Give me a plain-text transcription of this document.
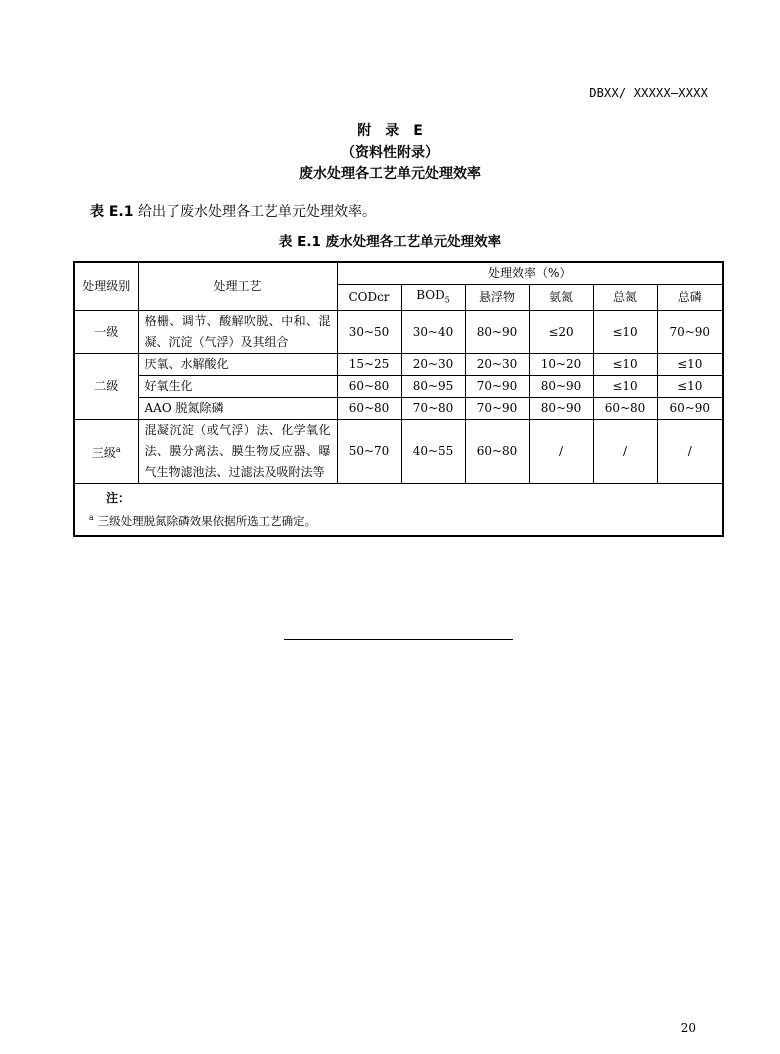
DBXX/ XXXXX—XXXX
附　录　E
（资料性附录）
废水处理各工艺单元处理效率
表 E.1 给出了废水处理各工艺单元处理效率。
表 E.1 废水处理各工艺单元处理效率
处理级别	处理工艺	处理效率（%）					
		CODcr	$BOD_5$	悬浮物	氨氮	总氮	总磷
一级	格栅、调节、酸解吹脱、中和、混凝、沉淀（气浮）及其组合	30~50	30~40	80~90	≤20	≤10	70~90
二级	厌氧、水解酸化	15~25	20~30	20~30	10~20	≤10	≤10
	好氧生化	60~80	80~95	70~90	80~90	≤10	≤10
	AAO 脱氮除磷	60~80	70~80	70~90	80~90	60~80	60~90
三级$^a$	混凝沉淀（或气浮）法、化学氧化法、膜分离法、膜生物反应器、曝气生物滤池法、过滤法及吸附法等	50~70	40~55	60~80	/	/	/

注：
$^a$ 三级处理脱氮除磷效果依据所选工艺确定。							
20
